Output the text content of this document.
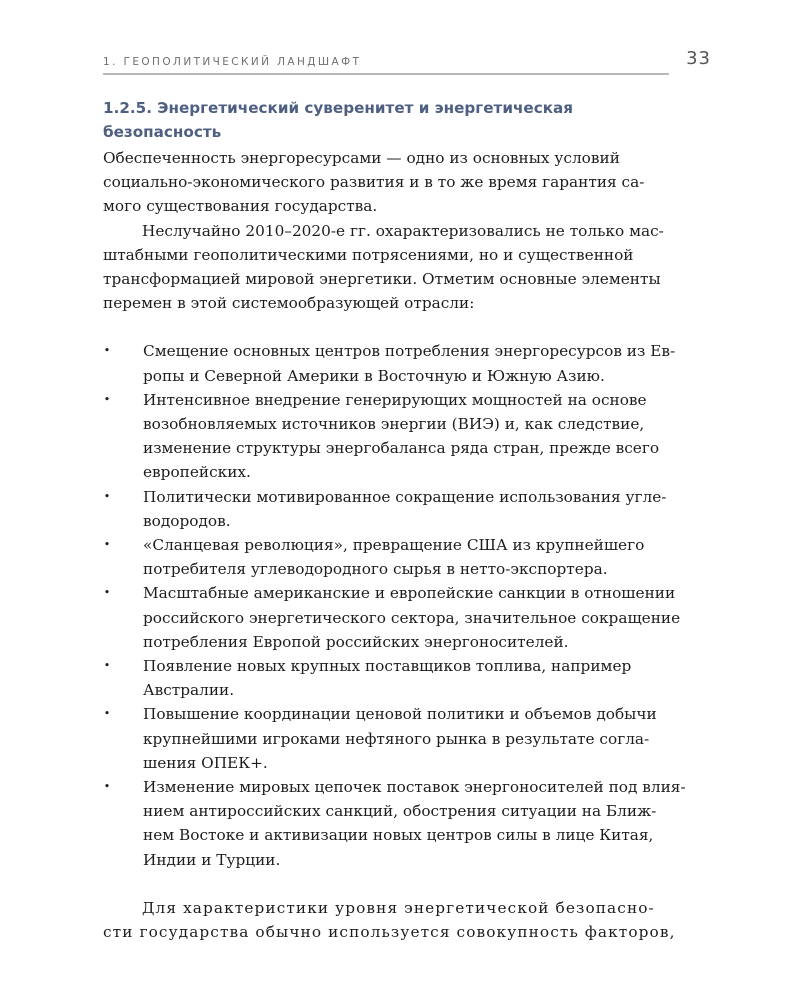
1. ГЕОПОЛИТИЧЕСКИЙ ЛАНДШАФТ	33
1.2.5. Энергетический суверенитет и энергетическая
безопасность

Обеспеченность энергоресурсами — одно из основных условий
социально-экономического развития и в то же время гарантия са-
мого существования государства.

Неслучайно 2010–2020-е гг. охарактеризовались не только мас-
штабными геополитическими потрясениями, но и существенной
трансформацией мировой энергетики. Отметим основные элементы
перемен в этой системообразующей отрасли:

• Смещение основных центров потребления энергоресурсов из Ев-
ропы и Северной Америки в Восточную и Южную Азию.
• Интенсивное внедрение генерирующих мощностей на основе
возобновляемых источников энергии (ВИЭ) и, как следствие,
изменение структуры энергобаланса ряда стран, прежде всего
европейских.
• Политически мотивированное сокращение использования угле-
водородов.
• «Сланцевая революция», превращение США из крупнейшего
потребителя углеводородного сырья в нетто-экспортера.
• Масштабные американские и европейские санкции в отношении
российского энергетического сектора, значительное сокращение
потребления Европой российских энергоносителей.
• Появление новых крупных поставщиков топлива, например
Австралии.
• Повышение координации ценовой политики и объемов добычи
крупнейшими игроками нефтяного рынка в результате согла-
шения ОПЕК+.
• Изменение мировых цепочек поставок энергоносителей под влия-
нием антироссийских санкций, обострения ситуации на Ближ-
нем Востоке и активизации новых центров силы в лице Китая,
Индии и Турции.

Для характеристики уровня энергетической безопасно-
сти государства обычно используется совокупность факторов,
